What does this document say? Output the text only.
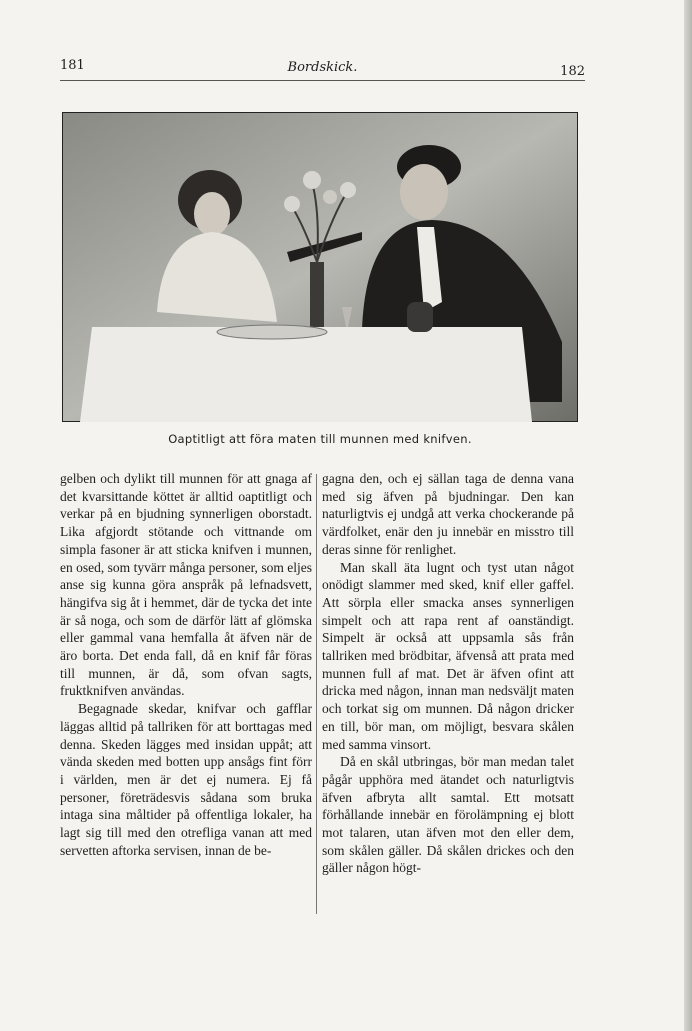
181	Bordskick.	182
Oaptitligt att föra maten till munnen med knifven.

gelben och dylikt till munnen för att gnaga af det kvarsittande köttet är alltid oaptitligt och verkar på en bjudning synnerligen oborstadt. Lika afgjordt stötande och vittnande om simpla fasoner är att sticka knifven i munnen, en osed, som tyvärr många personer, som eljes anse sig kunna göra anspråk på lefnadsvett, hängifva sig åt i hemmet, där de tycka det inte är så noga, och som de därför lätt af glömska eller gammal vana hemfalla åt äfven när de äro borta. Det enda fall, då en knif får föras till munnen, är då, som ofvan sagts, fruktknifven användas.

Begagnade skedar, knifvar och gafflar läggas alltid på tallriken för att borttagas med denna. Skeden lägges med insidan uppåt; att vända skeden med botten upp ansågs fint förr i världen, men är det ej numera. Ej få personer, företrädesvis sådana som bruka intaga sina måltider på offentliga lokaler, ha lagt sig till med den otrefliga vanan att med servetten aftorka servisen, innan de be-

gagna den, och ej sällan taga de denna vana med sig äfven på bjudningar. Den kan naturligtvis ej undgå att verka chockerande på värdfolket, enär den ju innebär en misstro till deras sinne för renlighet.

Man skall äta lugnt och tyst utan något onödigt slammer med sked, knif eller gaffel. Att sörpla eller smacka anses synnerligen simpelt och att rapa rent af oanständigt. Simpelt är också att uppsamla sås från tallriken med brödbitar, äfvenså att prata med munnen full af mat. Det är äfven ofint att dricka med någon, innan man nedsväljt maten och torkat sig om munnen. Då någon dricker en till, bör man, om möjligt, besvara skålen med samma vinsort.

Då en skål utbringas, bör man medan talet pågår upphöra med ätandet och naturligtvis äfven afbryta allt samtal. Ett motsatt förhållande innebär en förolämpning ej blott mot talaren, utan äfven mot den eller dem, som skålen gäller. Då skålen drickes och den gäller någon högt-
